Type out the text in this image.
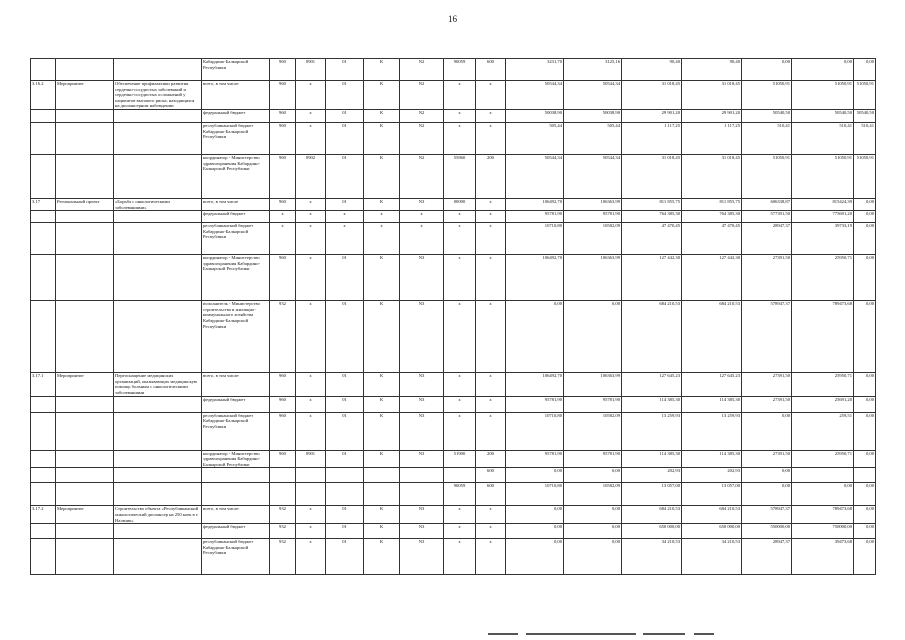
16
			Кабардино-Балкарской Республики	960	0901	01	К	N2	90059	600	3231,70	3125,16	90,40	90,40	0,00	0,00	0,00
3.16.2	Мероприятие	Обеспечение профилактики развития сердечно-сосудистых заболеваний и сердечно-сосудистых осложнений у пациентов высокого риска, находящихся на диспансерном наблюдении	всего, в том числе:	960	х	01	К	N2	х	х	50544,34	50544,34	31 018,45	31 018,45	51050,91	51050,91	51050,91
			федеральный бюджет	960	х	01	К	N2	х	х	50038,90	50038,90	29 901,20	29 901,20	50540,50	50540,50	50540,50
			республиканский бюджет Кабардино-Балкарской Республики	960	х	01	К	N2	х	х	505,44	505,44	1 117,25	1 117,25	510,41	510,41	510,41
			координатор - Министерство здравоохранения Кабардино-Балкарской Республики	960	0902	01	К	N2	55860	200	50544,34	50544,34	31 018,45	31 018,45	51050,91	51050,91	51050,91
3.17	Региональный проект	«Борьба с онкологическими заболеваниями»	всего, в том числе	960	х	01	К	N3	00000	х	106492,70	106363,99	811 855,75	811 855,75	606338,87	815424,39	0,00
			федеральный бюджет	х	х	х	х	х	х	х	95781,90	95781,90	764 385,30	764 385,30	577391,50	775691,20	0,00
			республиканский бюджет Кабардино-Балкарской Республики	х	х	х	х	х	х	х	10710,80	10582,09	47 470,45	47 470,45	28947,37	39733,19	0,00
			координатор - Министерство здравоохранения Кабардино-Балкарской Республики	960	х	01	К	N3	х	х	106492,70	106363,99	127 442,30	127 442,30	27391,50	25950,71	0,00
			исполнитель - Министерство строительства и жилищно-коммунального хозяйства Кабардино-Балкарской Республики	932	х	01	К	N3	х	х	0,00	0,00	684 210,53	684 210,53	578947,37	789473,68	0,00
3.17.1	Мероприятие	Переоснащение медицинских организаций, оказывающих медицинскую помощь больным с онкологическими заболеваниями	всего, в том числе:	960	х	01	К	N3	х	х	106492,70	106363,99	127 645,23	127 645,23	27391,50	25950,71	0,00
			федеральный бюджет	960	х	01	К	N3	х	х	95781,90	95781,90	114 385,30	114 385,30	27391,50	25691,20	0,00
			республиканский бюджет Кабардино-Балкарской Республики	960	х	01	К	N3	х	х	10710,80	10582,09	13 259,93	13 259,93	0,00	259,51	0,00
			координатор - Министерство здравоохранения Кабардино-Балкарской Республики	960	0901	01	К	N3	51900	200	95781,90	95781,90	114 385,30	114 385,30	27391,50	25950,71	0,00
										600	0,00	0,00	202,93	202,93	0,00		
									90059	600	10710,80	10582,09	13 057,00	13 057,00	0,00	0,00	0,00
3.17.2	Мероприятие	Строительство объекта «Республиканский онкологический диспансер на 250 коек в г. Нальчик»	всего, в том числе:	932	х	01	К	N3	х	х	0,00	0,00	684 210,53	684 210,53	578947,37	789473,68	0,00
			федеральный бюджет	932	х	01	К	N3	х	х	0,00	0,00	650 000,00	650 000,00	550000,00	750000,00	0,00
			республиканский бюджет Кабардино-Балкарской Республики	932	х	01	К	N3	х	х	0,00	0,00	34 210,53	34 210,53	28947,37	39473,68	0,00
